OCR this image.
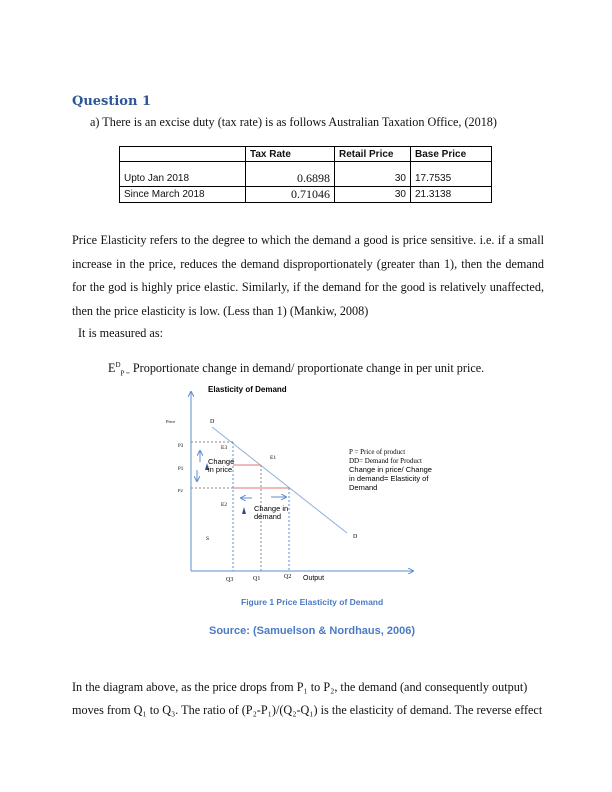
Question 1
a) There is an excise duty (tax rate) is as follows Australian Taxation Office, (2018)
	Tax Rate	Retail Price	Base Price

Upto Jan 2018	0.6898	30	17.7535
Since March 2018	0.71046	30	21.3138
Price Elasticity refers to the degree to which the demand a good is price sensitive. i.e. if a small increase in the price, reduces the demand disproportionately (greater than 1), then the demand for the god is highly price elastic. Similarly, if the demand for the good is relatively unaffected, then the price elasticity is low. (Less than 1) (Mankiw, 2008)
It is measured as:
$E^D_{P =}$ Proportionate change in demand/ proportionate change in per unit price.
Elasticity of Demand
Price	D
D
P3
P1
P2
E3
E1
E2
S
Q3	Q1	Q2 Output
Change
in price
Change in
demand
P = Price of product
DD= Demand for Product
Change in price/ Change
in demand= Elasticity of
Demand
Figure 1 Price Elasticity of Demand
Source: (Samuelson & Nordhaus, 2006)
In the diagram above, as the price drops from P₁ to P₂, the demand (and consequently output)
moves from Q₁ to Q₃. The ratio of (P₂-P₁)/(Q₂-Q₁) is the elasticity of demand. The reverse effect
